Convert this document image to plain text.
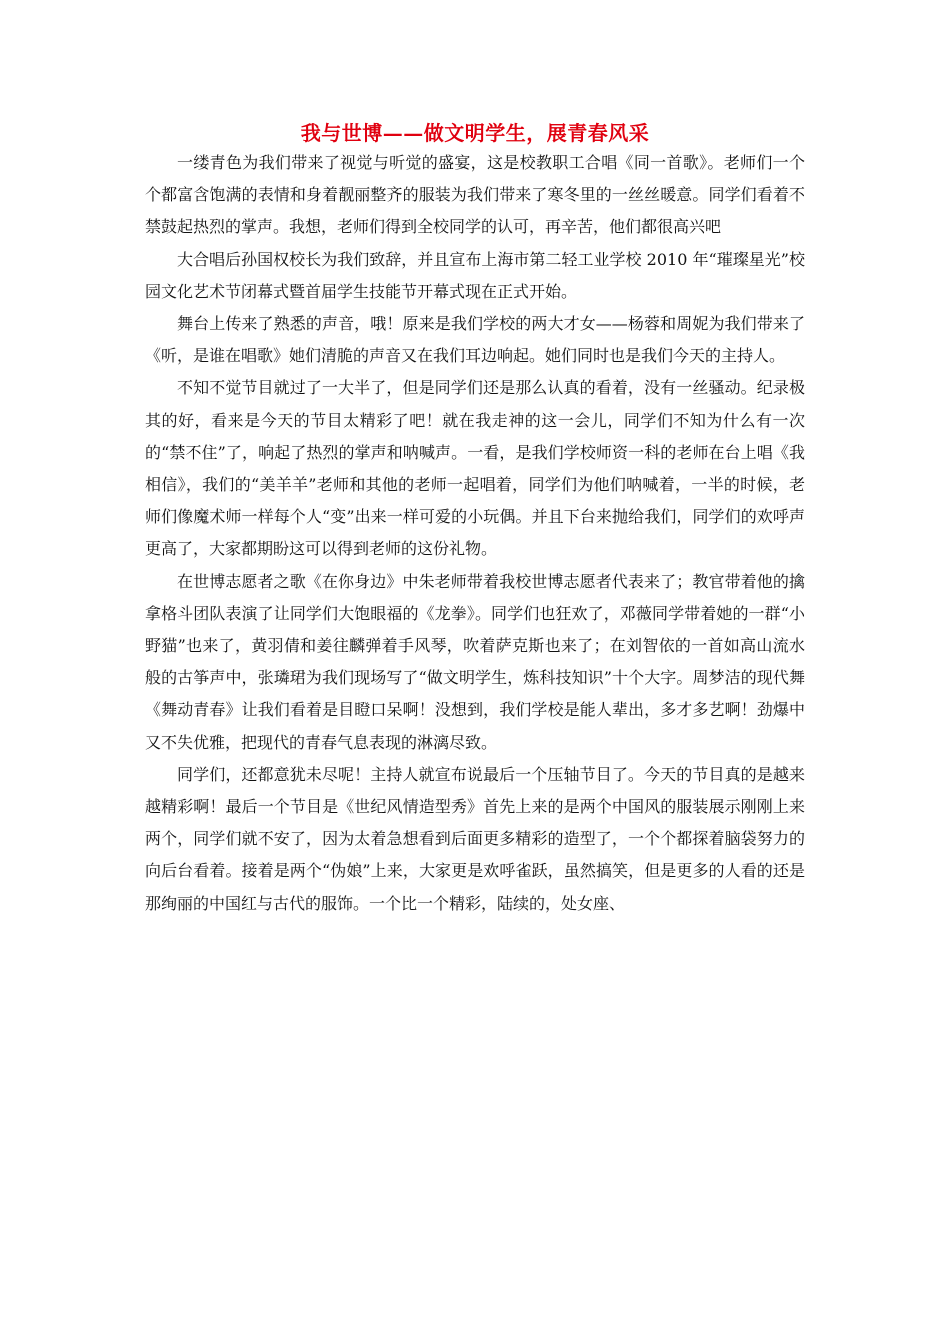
我与世博——做文明学生，展青春风采

一缕青色为我们带来了视觉与听觉的盛宴，这是校教职工合唱《同一首歌》。老师们一个个都富含饱满的表情和身着靓丽整齐的服装为我们带来了寒冬里的一丝丝暖意。同学们看着不禁鼓起热烈的掌声。我想，老师们得到全校同学的认可，再辛苦，他们都很高兴吧

大合唱后孙国权校长为我们致辞，并且宣布上海市第二轻工业学校 2010 年“璀璨星光”校园文化艺术节闭幕式暨首届学生技能节开幕式现在正式开始。

舞台上传来了熟悉的声音，哦！原来是我们学校的两大才女——杨蓉和周妮为我们带来了《听，是谁在唱歌》她们清脆的声音又在我们耳边响起。她们同时也是我们今天的主持人。

不知不觉节目就过了一大半了，但是同学们还是那么认真的看着，没有一丝骚动。纪录极其的好，看来是今天的节目太精彩了吧！就在我走神的这一会儿，同学们不知为什么有一次的“禁不住”了，响起了热烈的掌声和呐喊声。一看，是我们学校师资一科的老师在台上唱《我相信》，我们的“美羊羊”老师和其他的老师一起唱着，同学们为他们呐喊着，一半的时候，老师们像魔术师一样每个人“变”出来一样可爱的小玩偶。并且下台来抛给我们，同学们的欢呼声更高了，大家都期盼这可以得到老师的这份礼物。

在世博志愿者之歌《在你身边》中朱老师带着我校世博志愿者代表来了；教官带着他的擒拿格斗团队表演了让同学们大饱眼福的《龙拳》。同学们也狂欢了，邓薇同学带着她的一群“小野猫”也来了，黄羽倩和姜往麟弹着手风琴，吹着萨克斯也来了；在刘智依的一首如高山流水般的古筝声中，张璘珺为我们现场写了“做文明学生，炼科技知识”十个大字。周梦洁的现代舞《舞动青春》让我们看着是目瞪口呆啊！没想到，我们学校是能人辈出，多才多艺啊！劲爆中又不失优雅，把现代的青春气息表现的淋漓尽致。

同学们，还都意犹未尽呢！主持人就宣布说最后一个压轴节目了。今天的节目真的是越来越精彩啊！最后一个节目是《世纪风情造型秀》首先上来的是两个中国风的服装展示刚刚上来两个，同学们就不安了，因为太着急想看到后面更多精彩的造型了，一个个都探着脑袋努力的向后台看着。接着是两个“伪娘”上来，大家更是欢呼雀跃，虽然搞笑，但是更多的人看的还是那绚丽的中国红与古代的服饰。一个比一个精彩，陆续的，处女座、
